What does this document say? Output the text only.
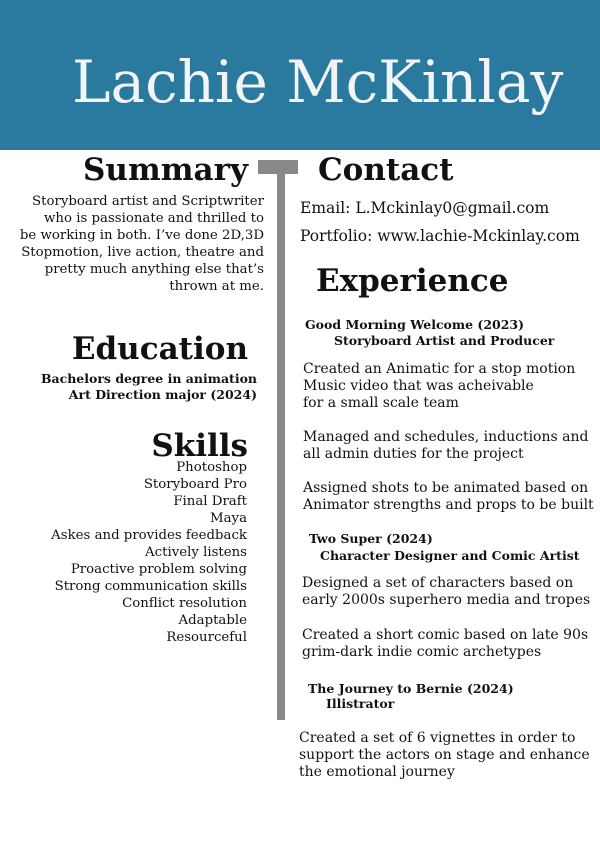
Lachie McKinlay
Summary
Storyboard artist and Scriptwriter
who is passionate and thrilled to
be working in both. I’ve done 2D,3D
Stopmotion, live action, theatre and
pretty much anything else that’s
thrown at me.
Education
Bachelors degree in animation
Art Direction major (2024)
Skills
Photoshop
Storyboard Pro
Final Draft
Maya
Askes and provides feedback
Actively listens
Proactive problem solving
Strong communication skills
Conflict resolution
Adaptable
Resourceful
Contact
Email: L.Mckinlay0@gmail.com
Portfolio: www.lachie-Mckinlay.com
Experience
Good Morning Welcome (2023)
Storyboard Artist and Producer
Created an Animatic for a stop motion
Music video that was acheivable
for a small scale team
Managed and schedules, inductions and
all admin duties for the project
Assigned shots to be animated based on
Animator strengths and props to be built
Two Super (2024)
Character Designer and Comic Artist
Designed a set of characters based on
early 2000s superhero media and tropes
Created a short comic based on late 90s
grim-dark indie comic archetypes
The Journey to Bernie (2024)
Illistrator
Created a set of 6 vignettes in order to
support the actors on stage and enhance
the emotional journey
